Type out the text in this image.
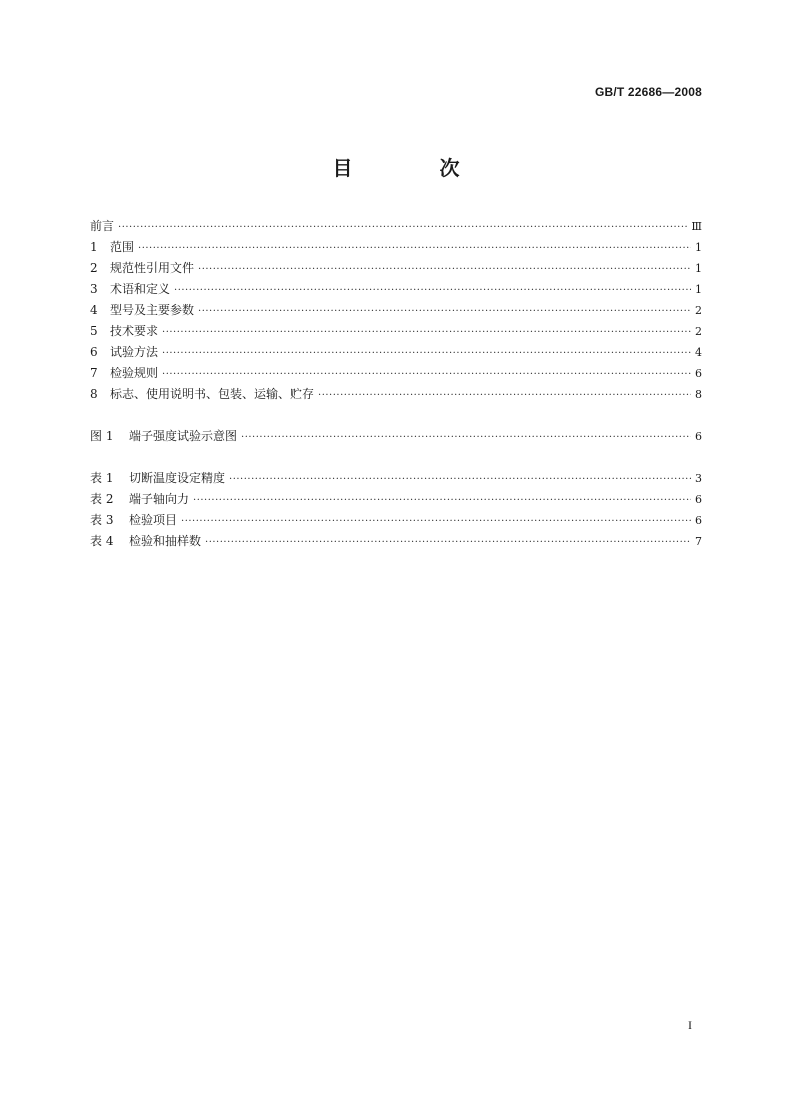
GB/T 22686—2008
目 次
前言 ·····	Ⅲ
1	范围 ·····	1
2	规范性引用文件 ·····	1
3	术语和定义 ·····	1
4	型号及主要参数 ·····	2
5	技术要求 ·····	2
6	试验方法 ·····	4
7	检验规则 ·····	6
8	标志、使用说明书、包装、运输、贮存 ·····	8
图 1	端子强度试验示意图 ·····	6
表 1	切断温度设定精度 ·····	3
表 2	端子轴向力 ·····	6
表 3	检验项目 ·····	6
表 4	检验和抽样数 ·····	7
I
